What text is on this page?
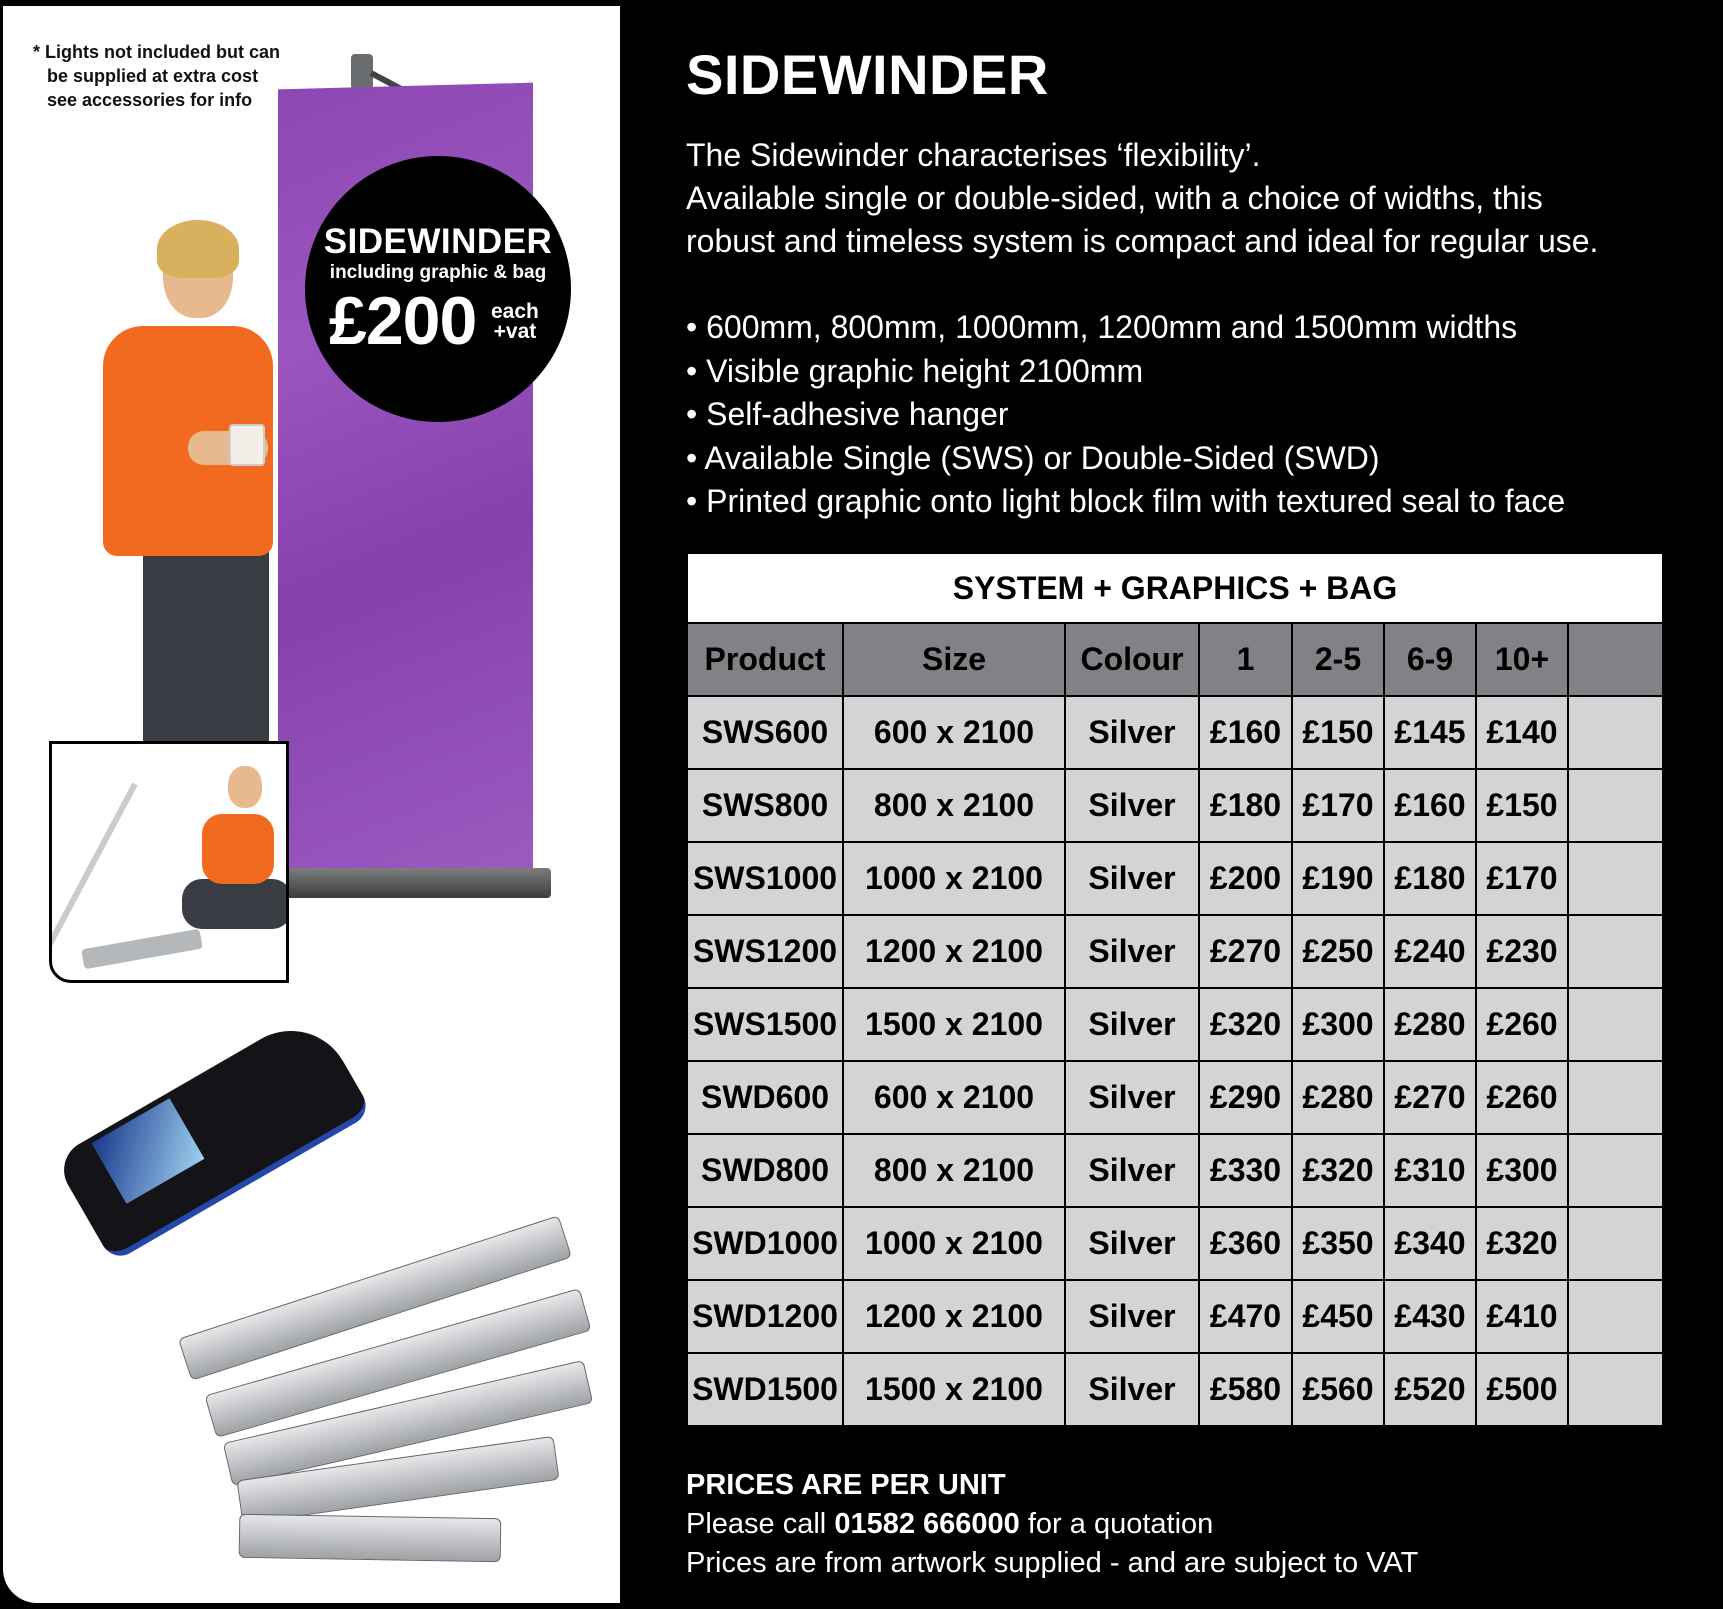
* Lights not included but can
be supplied at extra cost
see accessories for info
SIDEWINDER
including graphic & bag
£200 each
+vat
SIDEWINDER
The Sidewinder characterises ‘flexibility’.
Available single or double-sided, with a choice of widths, this
robust and timeless system is compact and ideal for regular use.
• 600mm, 800mm, 1000mm, 1200mm and 1500mm widths
• Visible graphic height 2100mm
• Self-adhesive hanger
• Available Single (SWS) or Double-Sided (SWD)
• Printed graphic onto light block film with textured seal to face
SYSTEM + GRAPHICS + BAG							
Product	Size	Colour	1	2-5	6-9	10+	
SWS600	600 x 2100	Silver	£160	£150	£145	£140	
SWS800	800 x 2100	Silver	£180	£170	£160	£150	
SWS1000	1000 x 2100	Silver	£200	£190	£180	£170	
SWS1200	1200 x 2100	Silver	£270	£250	£240	£230	
SWS1500	1500 x 2100	Silver	£320	£300	£280	£260	
SWD600	600 x 2100	Silver	£290	£280	£270	£260	
SWD800	800 x 2100	Silver	£330	£320	£310	£300	
SWD1000	1000 x 2100	Silver	£360	£350	£340	£320	
SWD1200	1200 x 2100	Silver	£470	£450	£430	£410	
SWD1500	1500 x 2100	Silver	£580	£560	£520	£500	
PRICES ARE PER UNIT
Please call 01582 666000 for a quotation
Prices are from artwork supplied - and are subject to VAT
